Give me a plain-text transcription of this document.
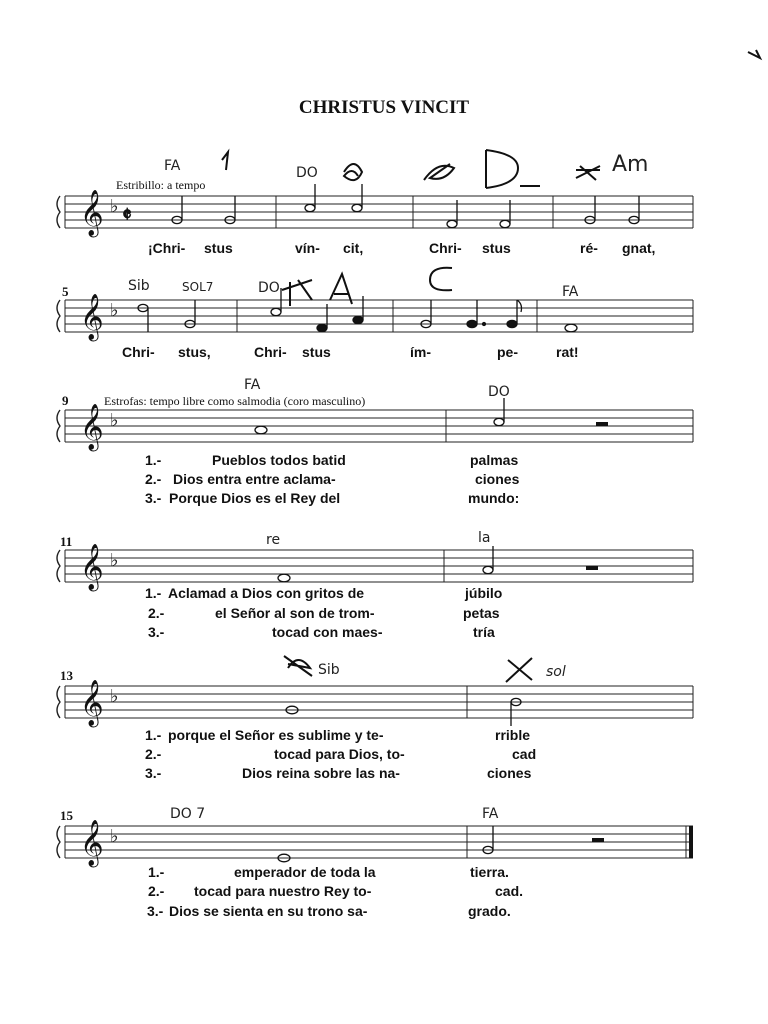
CHRISTUS VINCIT
𝄞
𝄞
𝄞
𝄞
𝄞
𝄞
♭
♭
♭
♭
♭
♭
𝄵
5
9
11
13
15
Estribillo: a tempo
Estrofas: tempo libre como salmodia (coro masculino)
FA	DO	Am
Sib	SOL7	DO	FA
FA	DO
re	la
Sib	sol
DO 7	FA
¡Chri- stus	vín- cit,	Chri- stus	ré- gnat,
Chri- stus,	Chri- stus	ím-	pe-	rat!
1.-	Pueblos todos batid	palmas
2.- Dios entra entre aclama-	ciones
3.- Porque Dios es el Rey del	mundo:
1.- Aclamad a Dios con gritos de	júbilo
2.-	el Señor al son de trom-	petas
3.-	tocad con maes-	tría
1.- porque el Señor es sublime y te-	rrible
2.-	tocad para Dios, to-	cad
3.-	Dios reina sobre las na-	ciones
1.-	emperador de toda la	tierra.
2.- tocad para nuestro Rey to-	cad.
3.- Dios se sienta en su trono sa-	grado.
